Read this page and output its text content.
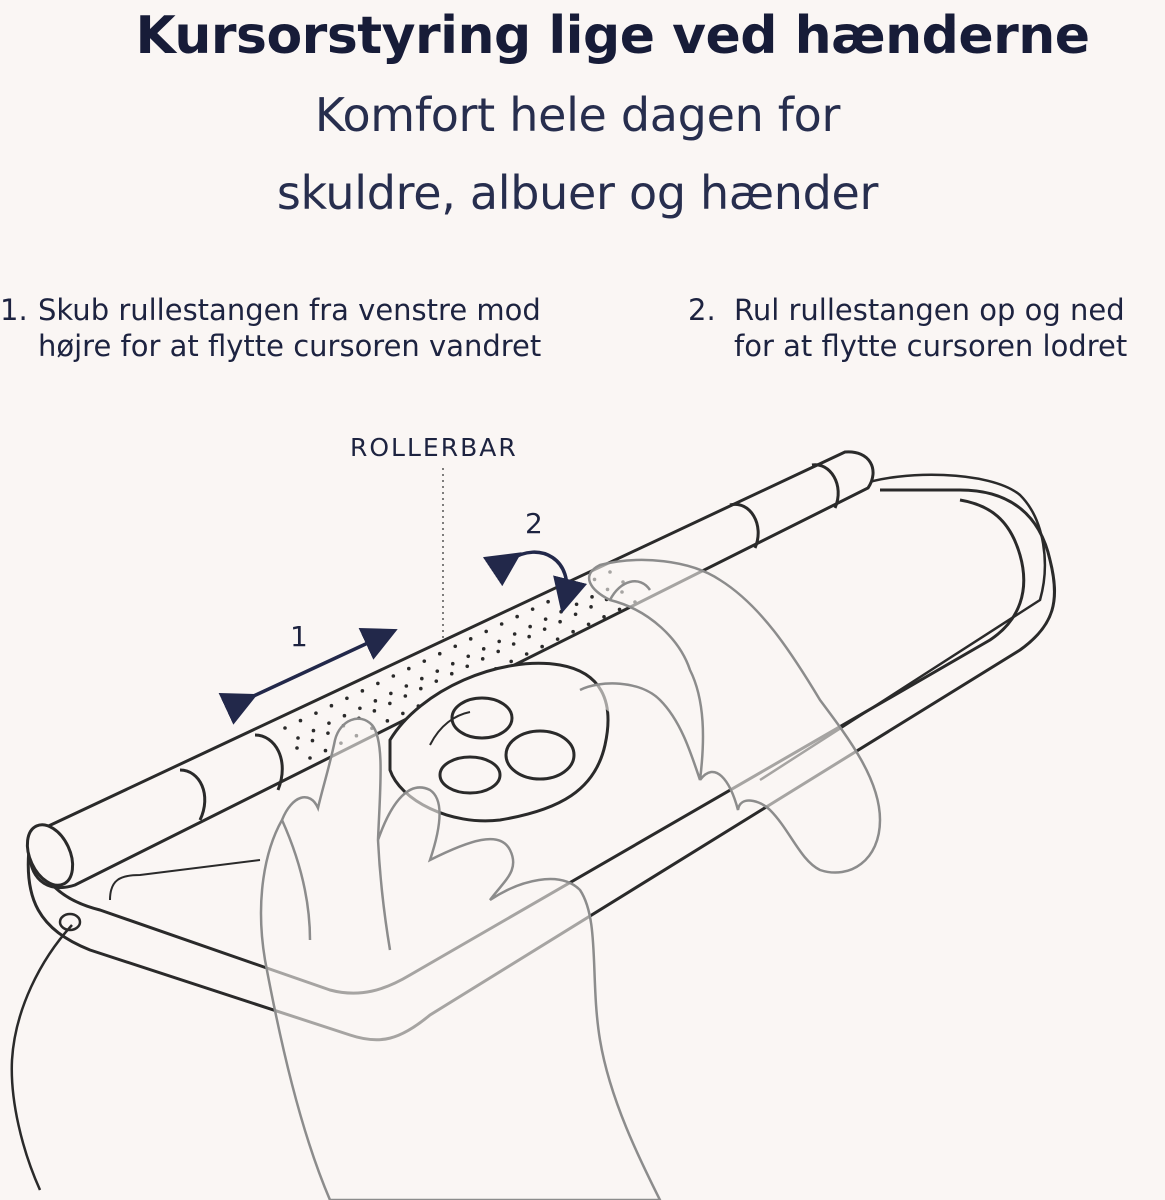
Kursorstyring lige ved hænderne
Komfort hele dagen for
skuldre, albuer og hænder
1. Skub rullestangen fra venstre mod
højre for at flytte cursoren vandret
2. Rul rullestangen op og ned
for at flytte cursoren lodret
ROLLERBAR
1
2
